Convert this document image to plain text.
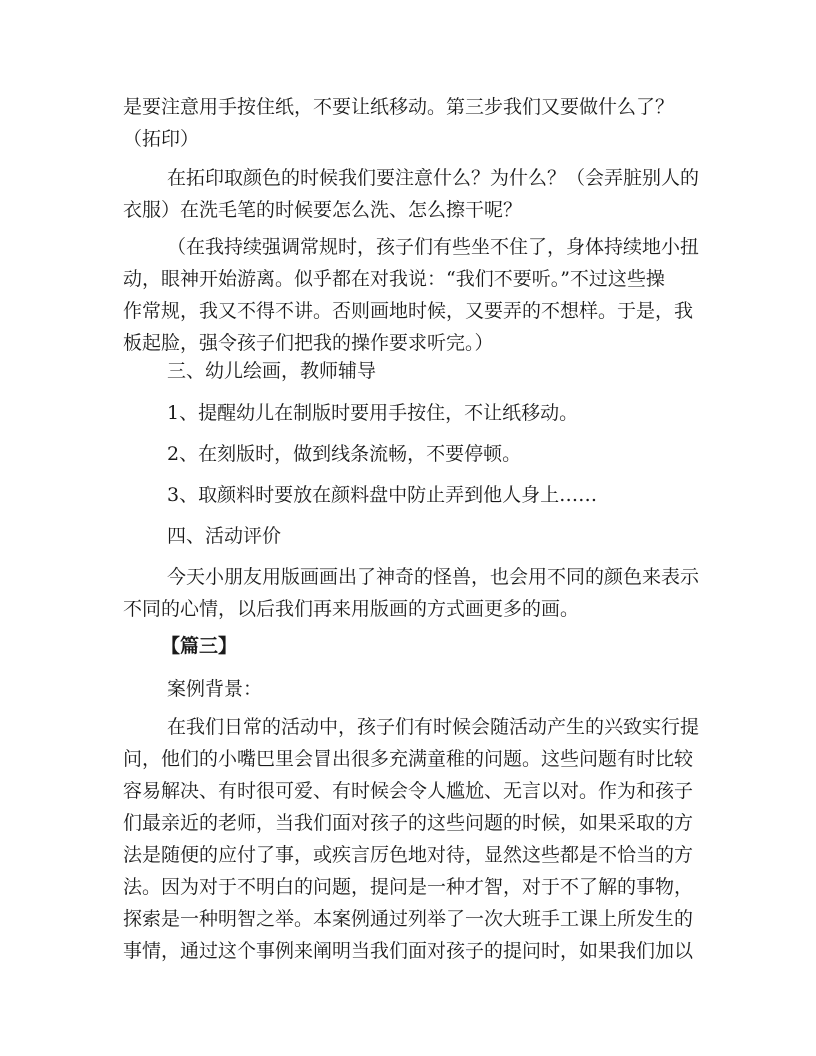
是要注意用手按住纸，不要让纸移动。第三步我们又要做什么了？
（拓印）
在拓印取颜色的时候我们要注意什么？为什么？（会弄脏别人的
衣服）在洗毛笔的时候要怎么洗、怎么擦干呢？
（在我持续强调常规时，孩子们有些坐不住了，身体持续地小扭
动，眼神开始游离。似乎都在对我说：“我们不要听。”不过这些操
作常规，我又不得不讲。否则画地时候，又要弄的不想样。于是，我
板起脸，强令孩子们把我的操作要求听完。）
三、幼儿绘画，教师辅导
1、提醒幼儿在制版时要用手按住，不让纸移动。
2、在刻版时，做到线条流畅，不要停顿。
3、取颜料时要放在颜料盘中防止弄到他人身上……
四、活动评价
今天小朋友用版画画出了神奇的怪兽，也会用不同的颜色来表示
不同的心情，以后我们再来用版画的方式画更多的画。
【篇三】
案例背景：
在我们日常的活动中，孩子们有时候会随活动产生的兴致实行提
问，他们的小嘴巴里会冒出很多充满童稚的问题。这些问题有时比较
容易解决、有时很可爱、有时候会令人尴尬、无言以对。作为和孩子
们最亲近的老师，当我们面对孩子的这些问题的时候，如果采取的方
法是随便的应付了事，或疾言厉色地对待，显然这些都是不恰当的方
法。因为对于不明白的问题，提问是一种才智，对于不了解的事物，
探索是一种明智之举。本案例通过列举了一次大班手工课上所发生的
事情，通过这个事例来阐明当我们面对孩子的提问时，如果我们加以
